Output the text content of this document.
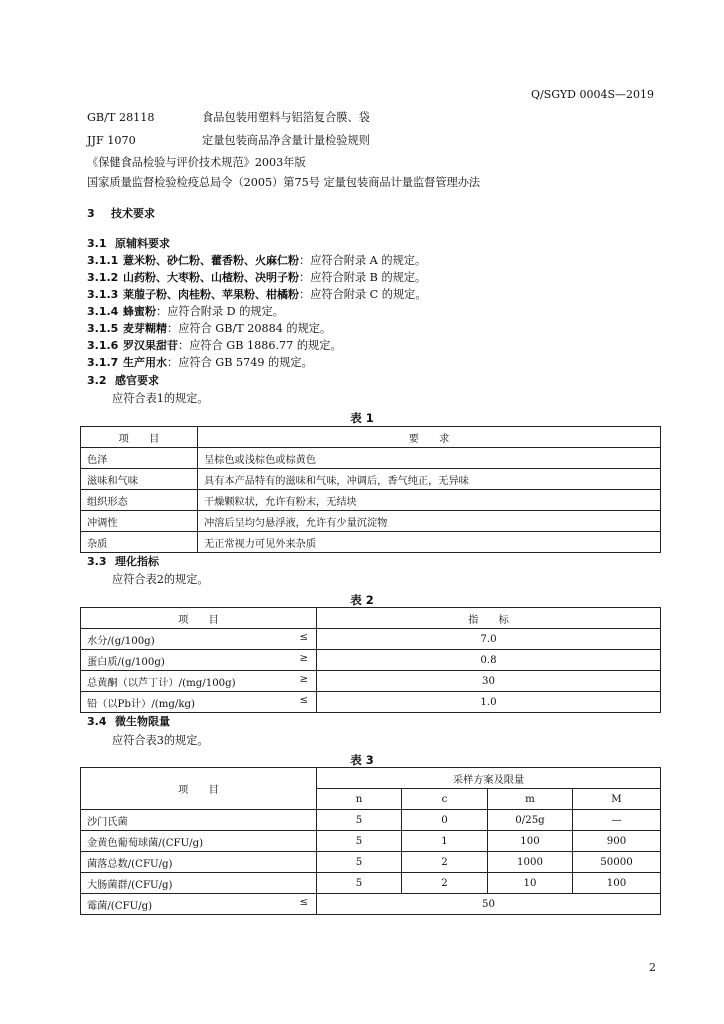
Q/SGYD 0004S—2019
GB/T 28118	食品包装用塑料与铝箔复合膜、袋
JJF 1070	定量包装商品净含量计量检验规则
《保健食品检验与评价技术规范》2003年版
国家质量监督检验检疫总局令（2005）第75号 定量包装商品计量监督管理办法
3 技术要求
3.1 原辅料要求
3.1.1 薏米粉、砂仁粉、藿香粉、火麻仁粉：应符合附录 A 的规定。
3.1.2 山药粉、大枣粉、山楂粉、决明子粉：应符合附录 B 的规定。
3.1.3 莱菔子粉、肉桂粉、苹果粉、柑橘粉：应符合附录 C 的规定。
3.1.4 蜂蜜粉：应符合附录 D 的规定。
3.1.5 麦芽糊精：应符合 GB/T 20884 的规定。
3.1.6 罗汉果甜苷：应符合 GB 1886.77 的规定。
3.1.7 生产用水：应符合 GB 5749 的规定。
3.2 感官要求
应符合表1的规定。
表 1
项　　目	要　　求
色泽	呈棕色或浅棕色或棕黄色
滋味和气味	具有本产品特有的滋味和气味，冲调后，香气纯正，无异味
组织形态	干燥颗粒状，允许有粉末，无结块
冲调性	冲溶后呈均匀悬浮液，允许有少量沉淀物
杂质	无正常视力可见外来杂质
3.3 理化指标
应符合表2的规定。
表 2
项　　目	指　　标
水分/(g/100g) ≤	7.0
蛋白质/(g/100g) ≥	0.8
总黄酮（以芦丁计）/(mg/100g) ≥	30
铅（以Pb计）/(mg/kg) ≤	1.0
3.4 微生物限量
应符合表3的规定。
表 3
项　　目	采样方案及限量			
	n	c	m	M
沙门氏菌	5	0	0/25g	—
金黄色葡萄球菌/(CFU/g)	5	1	100	900
菌落总数/(CFU/g)	5	2	1000	50000
大肠菌群/(CFU/g)	5	2	10	100
霉菌/(CFU/g) ≤	50			
2
